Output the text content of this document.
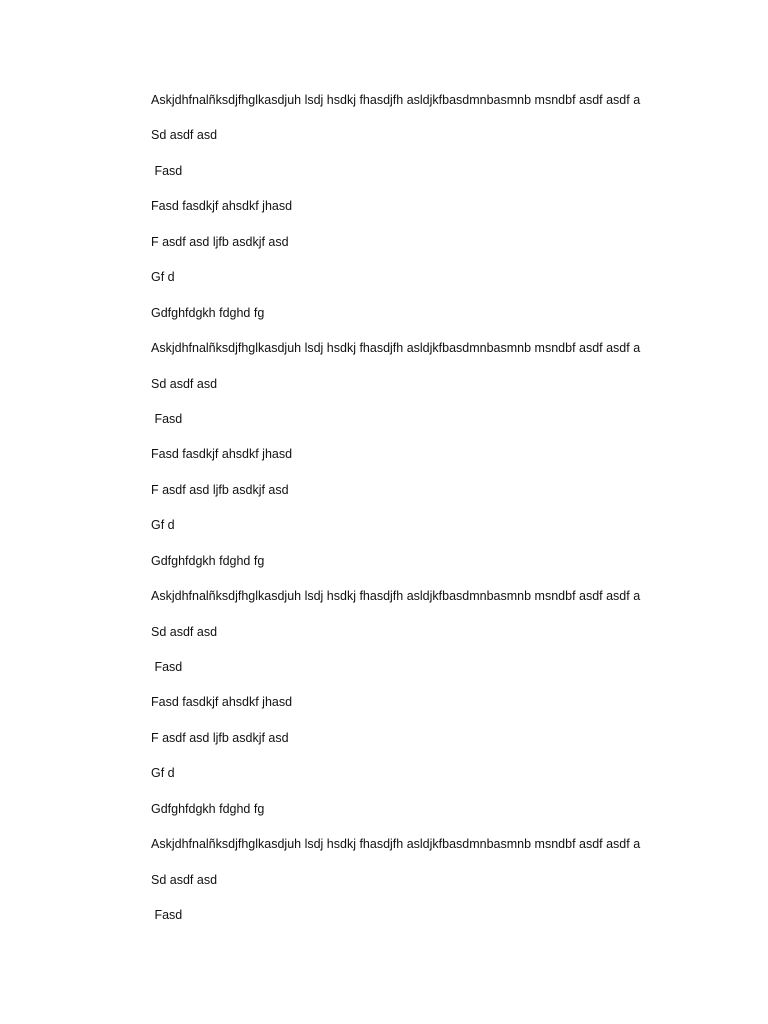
Askjdhfnalñksdjfhglkasdjuh lsdj hsdkj fhasdjfh asldjkfbasdmnbasmnb msndbf asdf asdf a

Sd asdf asd

Fasd

Fasd fasdkjf ahsdkf jhasd

F asdf asd ljfb asdkjf asd

Gf d

Gdfghfdgkh fdghd fg

Askjdhfnalñksdjfhglkasdjuh lsdj hsdkj fhasdjfh asldjkfbasdmnbasmnb msndbf asdf asdf a

Sd asdf asd

Fasd

Fasd fasdkjf ahsdkf jhasd

F asdf asd ljfb asdkjf asd

Gf d

Gdfghfdgkh fdghd fg

Askjdhfnalñksdjfhglkasdjuh lsdj hsdkj fhasdjfh asldjkfbasdmnbasmnb msndbf asdf asdf a

Sd asdf asd

Fasd

Fasd fasdkjf ahsdkf jhasd

F asdf asd ljfb asdkjf asd

Gf d

Gdfghfdgkh fdghd fg

Askjdhfnalñksdjfhglkasdjuh lsdj hsdkj fhasdjfh asldjkfbasdmnbasmnb msndbf asdf asdf a

Sd asdf asd

Fasd
